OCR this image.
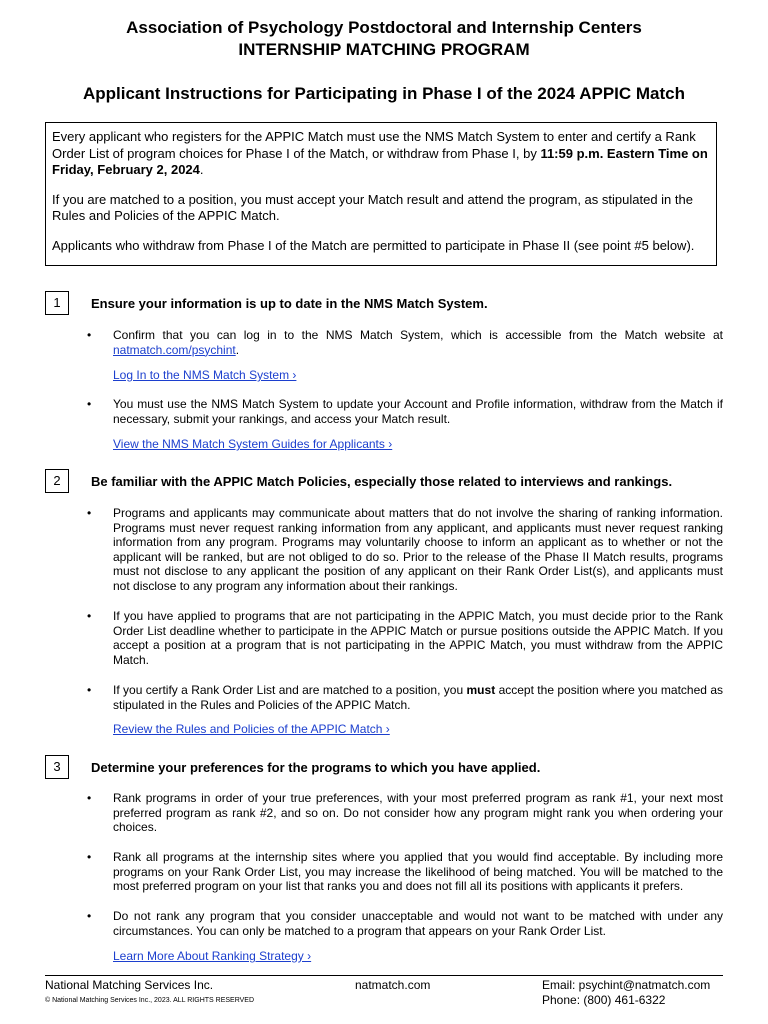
Association of Psychology Postdoctoral and Internship Centers
INTERNSHIP MATCHING PROGRAM
Applicant Instructions for Participating in Phase I of the 2024 APPIC Match

Every applicant who registers for the APPIC Match must use the NMS Match System to enter and certify a Rank Order List of program choices for Phase I of the Match, or withdraw from Phase I, by 11:59 p.m. Eastern Time on Friday, February 2, 2024.

If you are matched to a position, you must accept your Match result and attend the program, as stipulated in the Rules and Policies of the APPIC Match.

Applicants who withdraw from Phase I of the Match are permitted to participate in Phase II (see point #5 below).

1	Ensure your information is up to date in the NMS Match System.
• Confirm that you can log in to the NMS Match System, which is accessible from the Match website at natmatch.com/psychint.
Log In to the NMS Match System ›
• You must use the NMS Match System to update your Account and Profile information, withdraw from the Match if necessary, submit your rankings, and access your Match result.
View the NMS Match System Guides for Applicants ›
2	Be familiar with the APPIC Match Policies, especially those related to interviews and rankings.
• Programs and applicants may communicate about matters that do not involve the sharing of ranking information. Programs must never request ranking information from any applicant, and applicants must never request ranking information from any program. Programs may voluntarily choose to inform an applicant as to whether or not the applicant will be ranked, but are not obliged to do so. Prior to the release of the Phase II Match results, programs must not disclose to any applicant the position of any applicant on their Rank Order List(s), and applicants must not disclose to any program any information about their rankings.
• If you have applied to programs that are not participating in the APPIC Match, you must decide prior to the Rank Order List deadline whether to participate in the APPIC Match or pursue positions outside the APPIC Match. If you accept a position at a program that is not participating in the APPIC Match, you must withdraw from the APPIC Match.
• If you certify a Rank Order List and are matched to a position, you must accept the position where you matched as stipulated in the Rules and Policies of the APPIC Match.
Review the Rules and Policies of the APPIC Match ›
3	Determine your preferences for the programs to which you have applied.
• Rank programs in order of your true preferences, with your most preferred program as rank #1, your next most preferred program as rank #2, and so on. Do not consider how any program might rank you when ordering your choices.
• Rank all programs at the internship sites where you applied that you would find acceptable. By including more programs on your Rank Order List, you may increase the likelihood of being matched. You will be matched to the most preferred program on your list that ranks you and does not fill all its positions with applicants it prefers.
• Do not rank any program that you consider unacceptable and would not want to be matched with under any circumstances. You can only be matched to a program that appears on your Rank Order List.
Learn More About Ranking Strategy ›
National Matching Services Inc.
© National Matching Services Inc., 2023. ALL RIGHTS RESERVED
natmatch.com	Email: psychint@natmatch.com
Phone: (800) 461-6322
